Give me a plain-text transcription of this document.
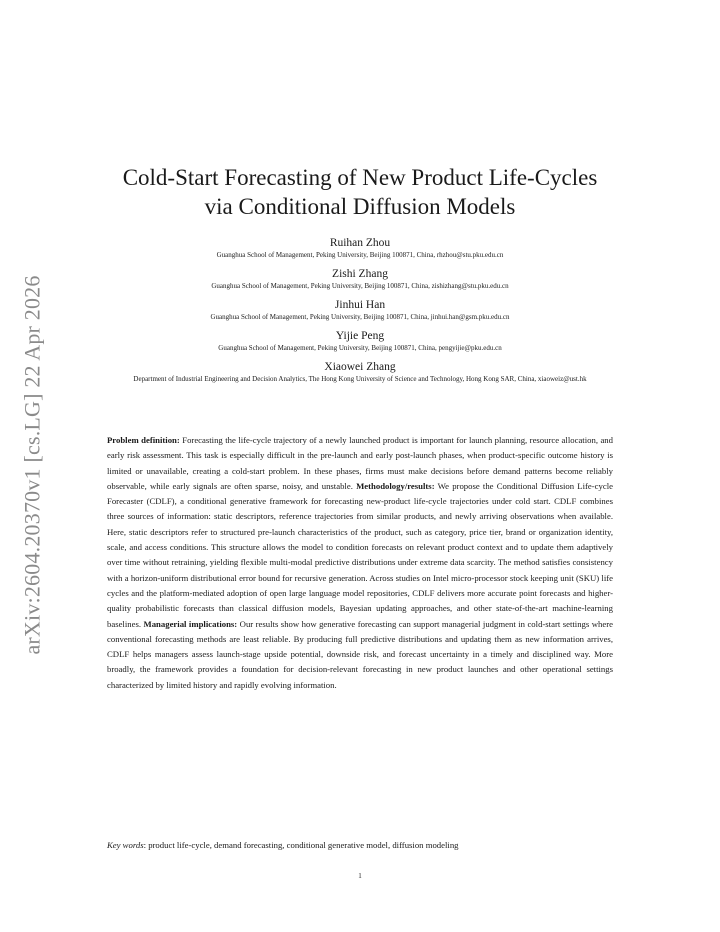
arXiv:2604.20370v1 [cs.LG] 22 Apr 2026
Cold-Start Forecasting of New Product Life-Cycles
via Conditional Diffusion Models
Ruihan Zhou
Guanghua School of Management, Peking University, Beijing 100871, China, rhzhou@stu.pku.edu.cn
Zishi Zhang
Guanghua School of Management, Peking University, Beijing 100871, China, zishizhang@stu.pku.edu.cn
Jinhui Han
Guanghua School of Management, Peking University, Beijing 100871, China, jinhui.han@gsm.pku.edu.cn
Yijie Peng
Guanghua School of Management, Peking University, Beijing 100871, China, pengyijie@pku.edu.cn
Xiaowei Zhang
Department of Industrial Engineering and Decision Analytics, The Hong Kong University of Science and Technology, Hong Kong SAR, China, xiaoweiz@ust.hk

Problem definition: Forecasting the life-cycle trajectory of a newly launched product is important for launch planning, resource allocation, and early risk assessment. This task is especially difficult in the pre-launch and early post-launch phases, when product-specific outcome history is limited or unavailable, creating a cold-start problem. In these phases, firms must make decisions before demand patterns become reliably observable, while early signals are often sparse, noisy, and unstable. Methodology/results: We propose the Conditional Diffusion Life-cycle Forecaster (CDLF), a conditional generative framework for forecasting new-product life-cycle trajectories under cold start. CDLF combines three sources of information: static descriptors, reference trajectories from similar products, and newly arriving observations when available. Here, static descriptors refer to structured pre-launch characteristics of the product, such as category, price tier, brand or organization identity, scale, and access conditions. This structure allows the model to condition forecasts on relevant product context and to update them adaptively over time without retraining, yielding flexible multi-modal predictive distributions under extreme data scarcity. The method satisfies consistency with a horizon-uniform distributional error bound for recursive generation. Across studies on Intel micro-processor stock keeping unit (SKU) life cycles and the platform-mediated adoption of open large language model repositories, CDLF delivers more accurate point forecasts and higher-quality probabilistic forecasts than classical diffusion models, Bayesian updating approaches, and other state-of-the-art machine-learning baselines. Managerial implications: Our results show how generative forecasting can support managerial judgment in cold-start settings where conventional forecasting methods are least reliable. By producing full predictive distributions and updating them as new information arrives, CDLF helps managers assess launch-stage upside potential, downside risk, and forecast uncertainty in a timely and disciplined way. More broadly, the framework provides a foundation for decision-relevant forecasting in new product launches and other operational settings characterized by limited history and rapidly evolving information.

Key words: product life-cycle, demand forecasting, conditional generative model, diffusion modeling
1
